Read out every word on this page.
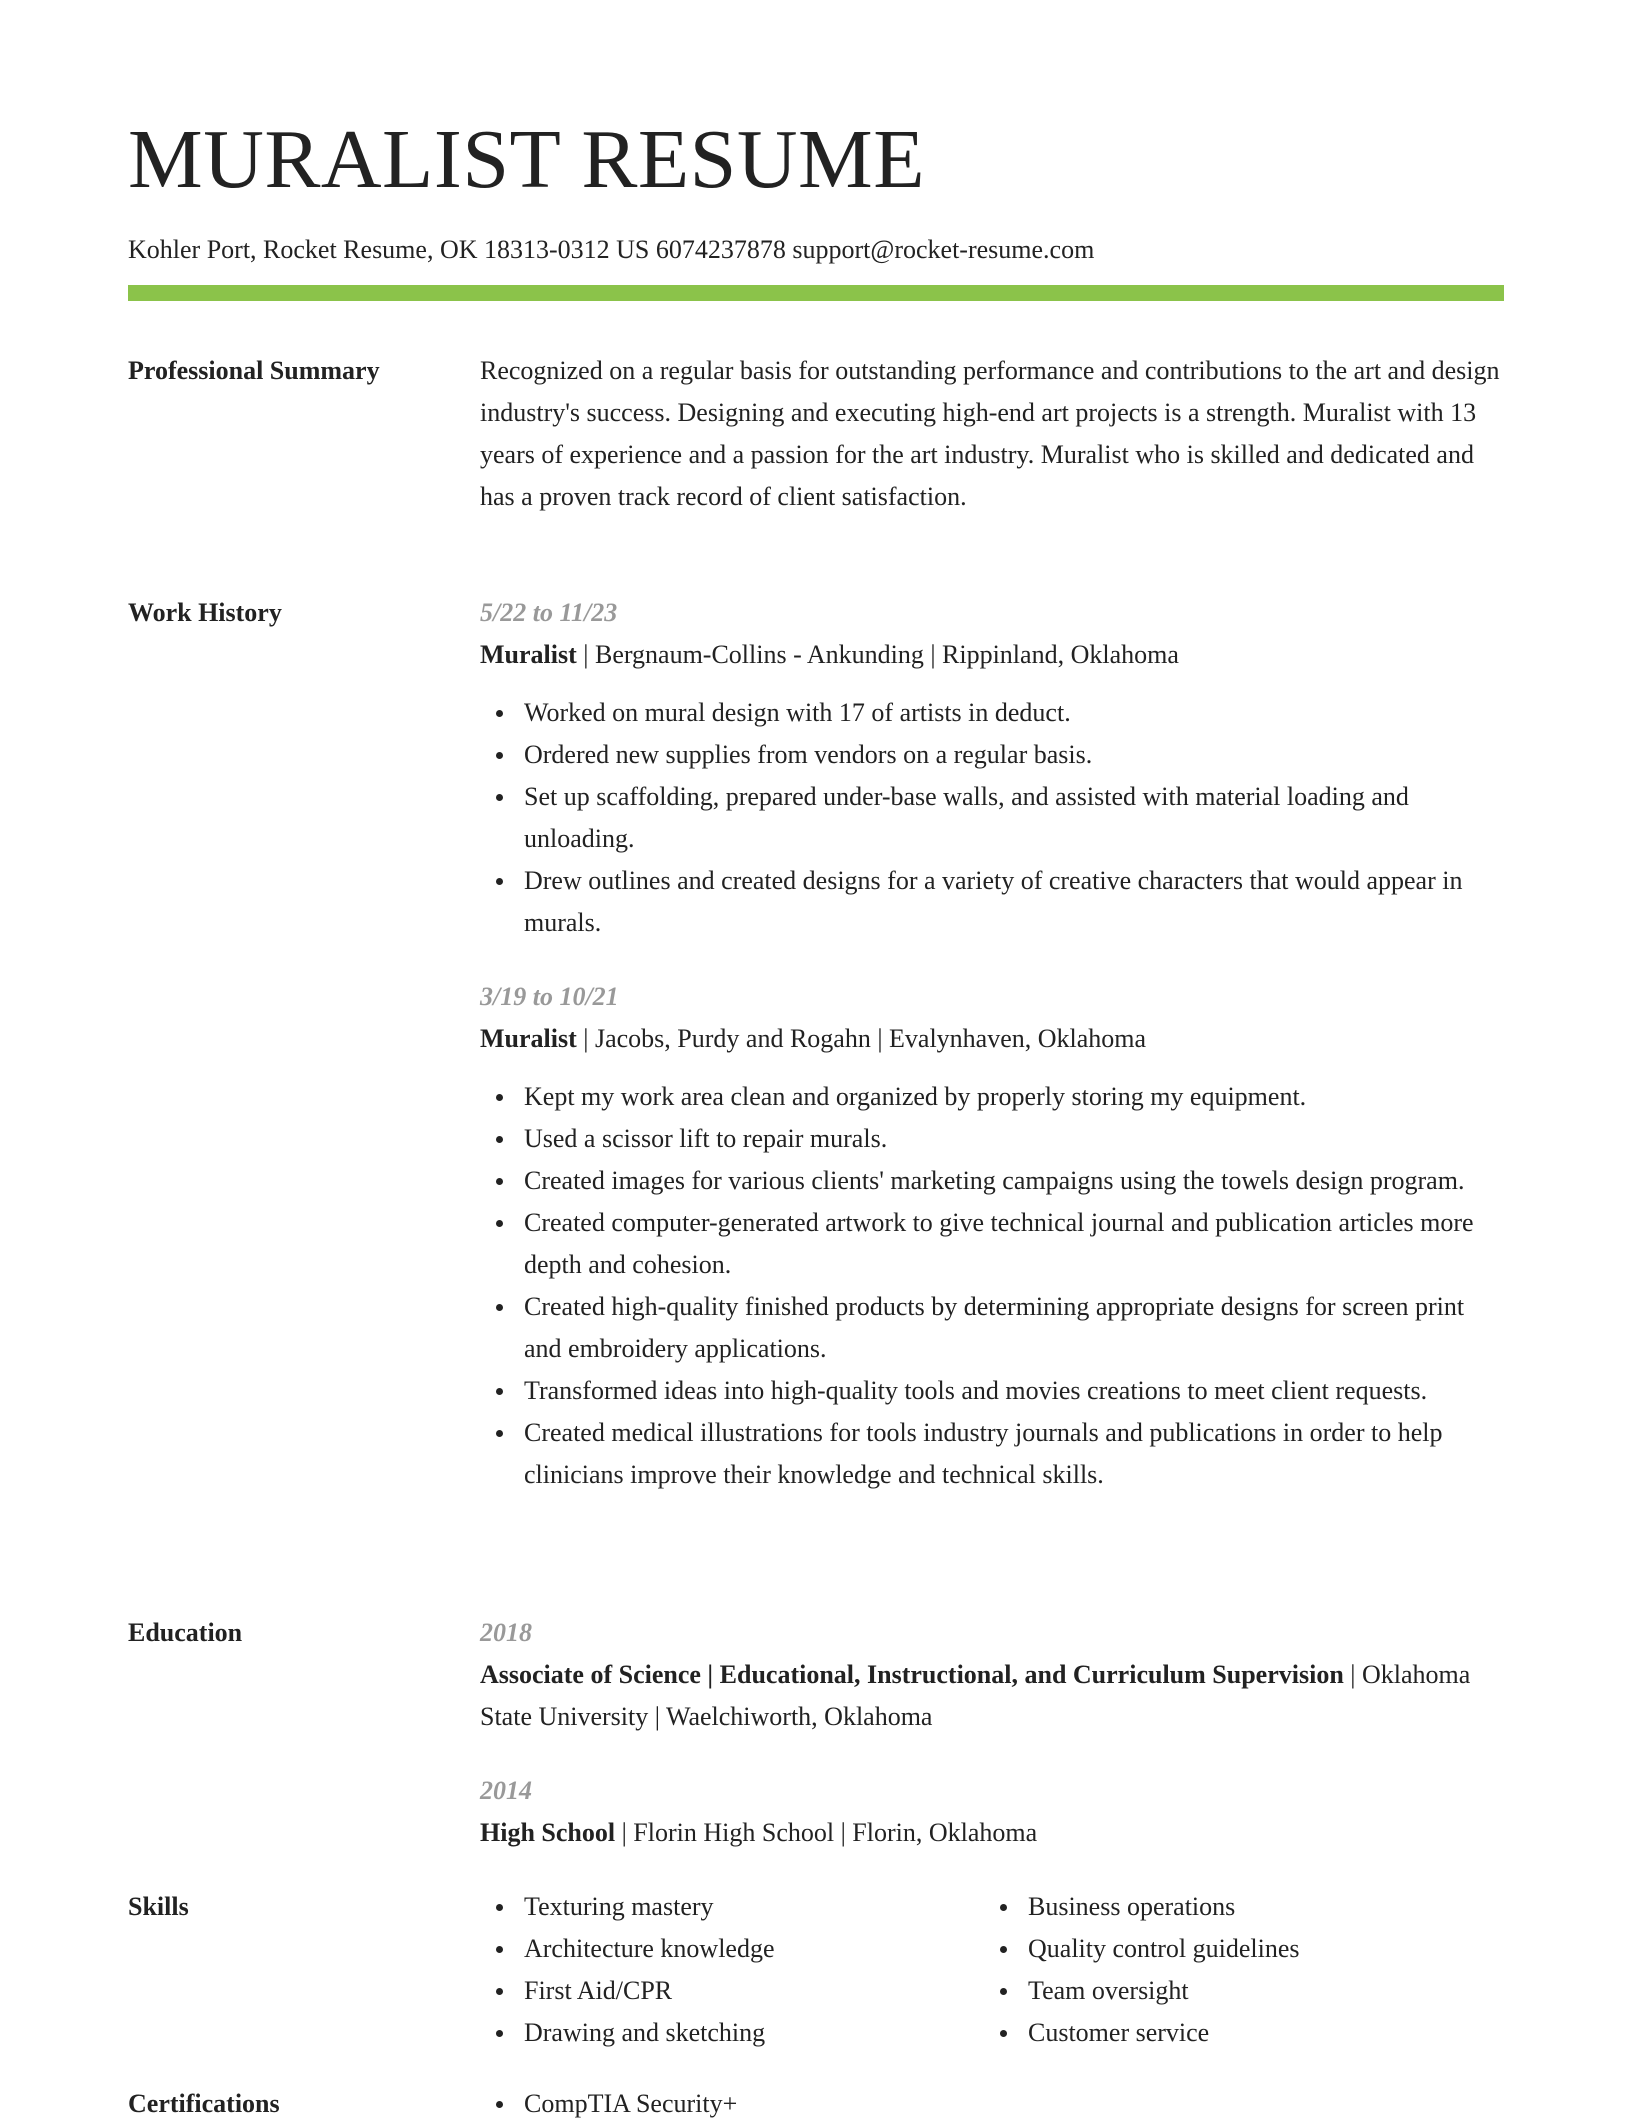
MURALIST RESUME
Kohler Port, Rocket Resume, OK 18313-0312 US 6074237878 support@rocket-resume.com
Professional Summary	Recognized on a regular basis for outstanding performance and contributions to the art and design industry's success. Designing and executing high-end art projects is a strength. Muralist with 13 years of experience and a passion for the art industry. Muralist who is skilled and dedicated and has a proven track record of client satisfaction.

Work History	5/22 to 11/23
Muralist | Bergnaum-Collins - Ankunding | Rippinland, Oklahoma
Worked on mural design with 17 of artists in deduct.
Ordered new supplies from vendors on a regular basis.
Set up scaffolding, prepared under-base walls, and assisted with material loading and unloading.
Drew outlines and created designs for a variety of creative characters that would appear in murals.
3/19 to 10/21
Muralist | Jacobs, Purdy and Rogahn | Evalynhaven, Oklahoma
Kept my work area clean and organized by properly storing my equipment.
Used a scissor lift to repair murals.
Created images for various clients' marketing campaigns using the towels design program.
Created computer-generated artwork to give technical journal and publication articles more depth and cohesion.
Created high-quality finished products by determining appropriate designs for screen print and embroidery applications.
Transformed ideas into high-quality tools and movies creations to meet client requests.
Created medical illustrations for tools industry journals and publications in order to help clinicians improve their knowledge and technical skills.
Education	2018
Associate of Science | Educational, Instructional, and Curriculum Supervision | Oklahoma State University | Waelchiworth, Oklahoma
2014
High School | Florin High School | Florin, Oklahoma
Skills	Texturing mastery
Architecture knowledge
First Aid/CPR
Drawing and sketching
Business operations
Quality control guidelines
Team oversight
Customer service
Certifications	CompTIA Security+
